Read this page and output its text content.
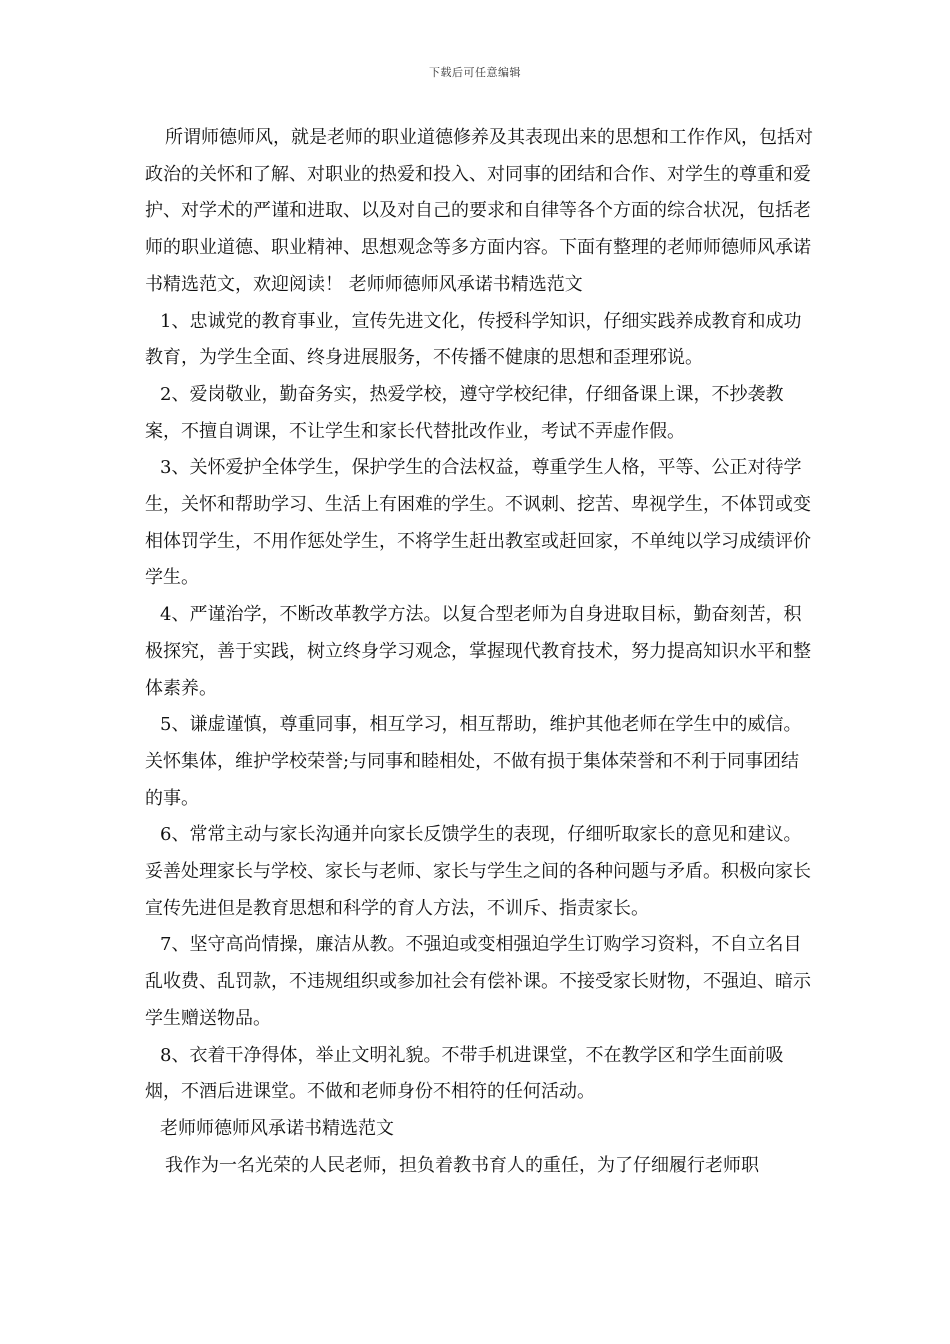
下载后可任意编辑

所谓师德师风，就是老师的职业道德修养及其表现出来的思想和工作作风，包括对政治的关怀和了解、对职业的热爱和投入、对同事的团结和合作、对学生的尊重和爱护、对学术的严谨和进取、以及对自己的要求和自律等各个方面的综合状况，包括老师的职业道德、职业精神、思想观念等多方面内容。下面有整理的老师师德师风承诺书精选范文，欢迎阅读！ 老师师德师风承诺书精选范文

1、忠诚党的教育事业，宣传先进文化，传授科学知识，仔细实践养成教育和成功教育，为学生全面、终身进展服务，不传播不健康的思想和歪理邪说。

2、爱岗敬业，勤奋务实，热爱学校，遵守学校纪律，仔细备课上课，不抄袭教案，不擅自调课，不让学生和家长代替批改作业，考试不弄虚作假。

3、关怀爱护全体学生，保护学生的合法权益，尊重学生人格，平等、公正对待学生，关怀和帮助学习、生活上有困难的学生。不讽刺、挖苦、卑视学生，不体罚或变相体罚学生，不用作惩处学生，不将学生赶出教室或赶回家，不单纯以学习成绩评价学生。

4、严谨治学，不断改革教学方法。以复合型老师为自身进取目标，勤奋刻苦，积极探究，善于实践，树立终身学习观念，掌握现代教育技术，努力提高知识水平和整体素养。

5、谦虚谨慎，尊重同事，相互学习，相互帮助，维护其他老师在学生中的威信。关怀集体，维护学校荣誉;与同事和睦相处，不做有损于集体荣誉和不利于同事团结的事。

6、常常主动与家长沟通并向家长反馈学生的表现，仔细听取家长的意见和建议。妥善处理家长与学校、家长与老师、家长与学生之间的各种问题与矛盾。积极向家长宣传先进但是教育思想和科学的育人方法，不训斥、指责家长。

7、坚守高尚情操，廉洁从教。不强迫或变相强迫学生订购学习资料，不自立名目乱收费、乱罚款，不违规组织或参加社会有偿补课。不接受家长财物，不强迫、暗示学生赠送物品。

8、衣着干净得体，举止文明礼貌。不带手机进课堂，不在教学区和学生面前吸烟，不酒后进课堂。不做和老师身份不相符的任何活动。

老师师德师风承诺书精选范文

我作为一名光荣的人民老师，担负着教书育人的重任，为了仔细履行老师职
